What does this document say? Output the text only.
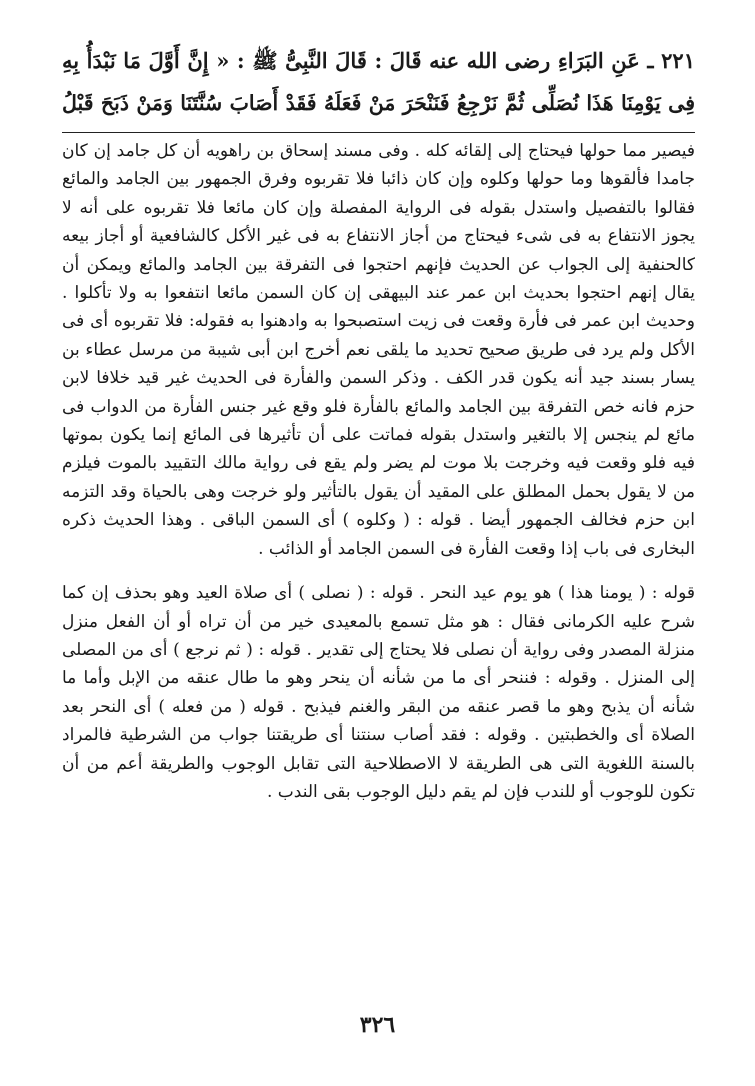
٢٢١ ـ عَنِ البَرَاءِ رضى الله عنه قَالَ : قَالَ النَّبِىُّ ﷺ : « إِنَّ أَوَّلَ مَا نَبْدَأُ بِهِ
فِى يَوْمِنَا هَذَا نُصَلِّى ثُمَّ نَرْجِعُ فَنَنْحَرَ مَنْ فَعَلَهُ فَقَدْ أَصَابَ سُنَّتَنَا وَمَنْ ذَبَحَ قَبْلُ

فيصير مما حولها فيحتاج إلى إلقائه كله . وفى مسند إسحاق بن راهويه أن كل جامد إن كان جامدا فألقوها وما حولها وكلوه وإن كان ذائبا فلا تقربوه وفرق الجمهور بين الجامد والمائع فقالوا بالتفصيل واستدل بقوله فى الرواية المفصلة وإن كان مائعا فلا تقربوه على أنه لا يجوز الانتفاع به فى شىء فيحتاج من أجاز الانتفاع به فى غير الأكل كالشافعية أو أجاز بيعه كالحنفية إلى الجواب عن الحديث فإنهم احتجوا فى التفرقة بين الجامد والمائع ويمكن أن يقال إنهم احتجوا بحديث ابن عمر عند البيهقى إن كان السمن مائعا انتفعوا به ولا تأكلوا . وحديث ابن عمر فى فأرة وقعت فى زيت استصبحوا به وادهنوا به فقوله: فلا تقربوه أى فى الأكل ولم يرد فى طريق صحيح تحديد ما يلقى نعم أخرج ابن أبى شيبة من مرسل عطاء بن يسار بسند جيد أنه يكون قدر الكف . وذكر السمن والفأرة فى الحديث غير قيد خلافا لابن حزم فانه خص التفرقة بين الجامد والمائع بالفأرة فلو وقع غير جنس الفأرة من الدواب فى مائع لم ينجس إلا بالتغير واستدل بقوله فماتت على أن تأثيرها فى المائع إنما يكون بموتها فيه فلو وقعت فيه وخرجت بلا موت لم يضر ولم يقع فى رواية مالك التقييد بالموت فيلزم من لا يقول بحمل المطلق على المقيد أن يقول بالتأثير ولو خرجت وهى بالحياة وقد التزمه ابن حزم فخالف الجمهور أيضا . قوله : ( وكلوه ) أى السمن الباقى . وهذا الحديث ذكره البخارى فى باب إذا وقعت الفأرة فى السمن الجامد أو الذائب .

قوله : ( يومنا هذا ) هو يوم عيد النحر . قوله : ( نصلى ) أى صلاة العيد وهو بحذف إن كما شرح عليه الكرمانى فقال : هو مثل تسمع بالمعيدى خير من أن تراه أو أن الفعل منزل منزلة المصدر وفى رواية أن نصلى فلا يحتاج إلى تقدير . قوله : ( ثم نرجع ) أى من المصلى إلى المنزل . وقوله : فننحر أى ما من شأنه أن ينحر وهو ما طال عنقه من الإبل وأما ما شأنه أن يذبح وهو ما قصر عنقه من البقر والغنم فيذبح . قوله ( من فعله ) أى النحر بعد الصلاة أى والخطبتين . وقوله : فقد أصاب سنتنا أى طريقتنا جواب من الشرطية فالمراد بالسنة اللغوية التى هى الطريقة لا الاصطلاحية التى تقابل الوجوب والطريقة أعم من أن تكون للوجوب أو للندب فإن لم يقم دليل الوجوب بقى الندب .

٣٢٦
